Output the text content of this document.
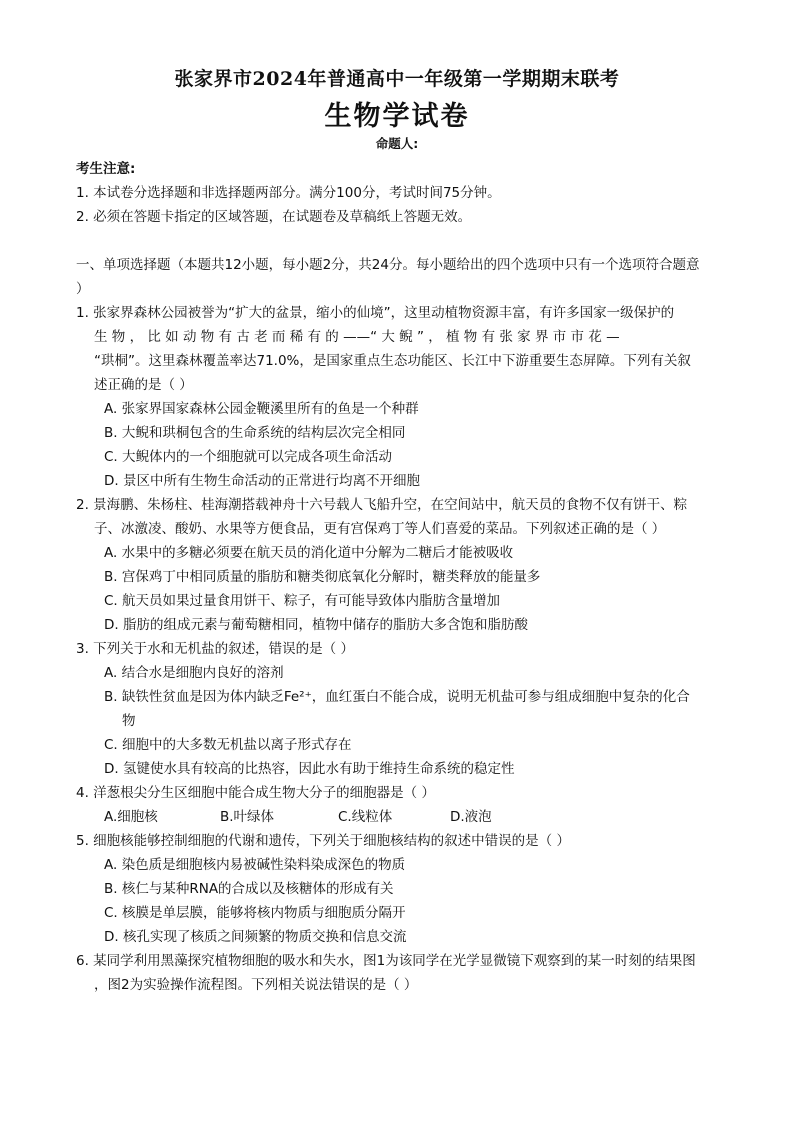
张家界市2024年普通高中一年级第一学期期末联考
生物学试卷
命题人:
考生注意:
1. 本试卷分选择题和非选择题两部分。满分100分，考试时间75分钟。
2. 必须在答题卡指定的区域答题，在试题卷及草稿纸上答题无效。
一、单项选择题（本题共12小题，每小题2分，共24分。每小题给出的四个选项中只有一个选项符合题意
）
1. 张家界森林公园被誉为“扩大的盆景，缩小的仙境”，这里动植物资源丰富，有许多国家一级保护的
生 物 ， 比 如 动 物 有 古 老 而 稀 有 的 ——“ 大 鲵 ” ， 植 物 有 张 家 界 市 市 花 —
“珙桐”。这里森林覆盖率达71.0%，是国家重点生态功能区、长江中下游重要生态屏障。下列有关叙
述正确的是（ ）
A. 张家界国家森林公园金鞭溪里所有的鱼是一个种群
B. 大鲵和珙桐包含的生命系统的结构层次完全相同
C. 大鲵体内的一个细胞就可以完成各项生命活动
D. 景区中所有生物生命活动的正常进行均离不开细胞
2. 景海鹏、朱杨柱、桂海潮搭载神舟十六号载人飞船升空，在空间站中，航天员的食物不仅有饼干、粽
子、冰激凌、酸奶、水果等方便食品，更有宫保鸡丁等人们喜爱的菜品。下列叙述正确的是（ ）
A. 水果中的多糖必须要在航天员的消化道中分解为二糖后才能被吸收
B. 宫保鸡丁中相同质量的脂肪和糖类彻底氧化分解时，糖类释放的能量多
C. 航天员如果过量食用饼干、粽子，有可能导致体内脂肪含量增加
D. 脂肪的组成元素与葡萄糖相同，植物中储存的脂肪大多含饱和脂肪酸
3. 下列关于水和无机盐的叙述，错误的是（ ）
A. 结合水是细胞内良好的溶剂
B. 缺铁性贫血是因为体内缺乏Fe²⁺，血红蛋白不能合成，说明无机盐可参与组成细胞中复杂的化合
物
C. 细胞中的大多数无机盐以离子形式存在
D. 氢键使水具有较高的比热容，因此水有助于维持生命系统的稳定性
4. 洋葱根尖分生区细胞中能合成生物大分子的细胞器是（ ）
A.细胞核	B.叶绿体	C.线粒体	D.液泡
5. 细胞核能够控制细胞的代谢和遗传，下列关于细胞核结构的叙述中错误的是（ ）
A. 染色质是细胞核内易被碱性染料染成深色的物质
B. 核仁与某种RNA的合成以及核糖体的形成有关
C. 核膜是单层膜，能够将核内物质与细胞质分隔开
D. 核孔实现了核质之间频繁的物质交换和信息交流
6. 某同学利用黑藻探究植物细胞的吸水和失水，图1为该同学在光学显微镜下观察到的某一时刻的结果图
，图2为实验操作流程图。下列相关说法错误的是（ ）
